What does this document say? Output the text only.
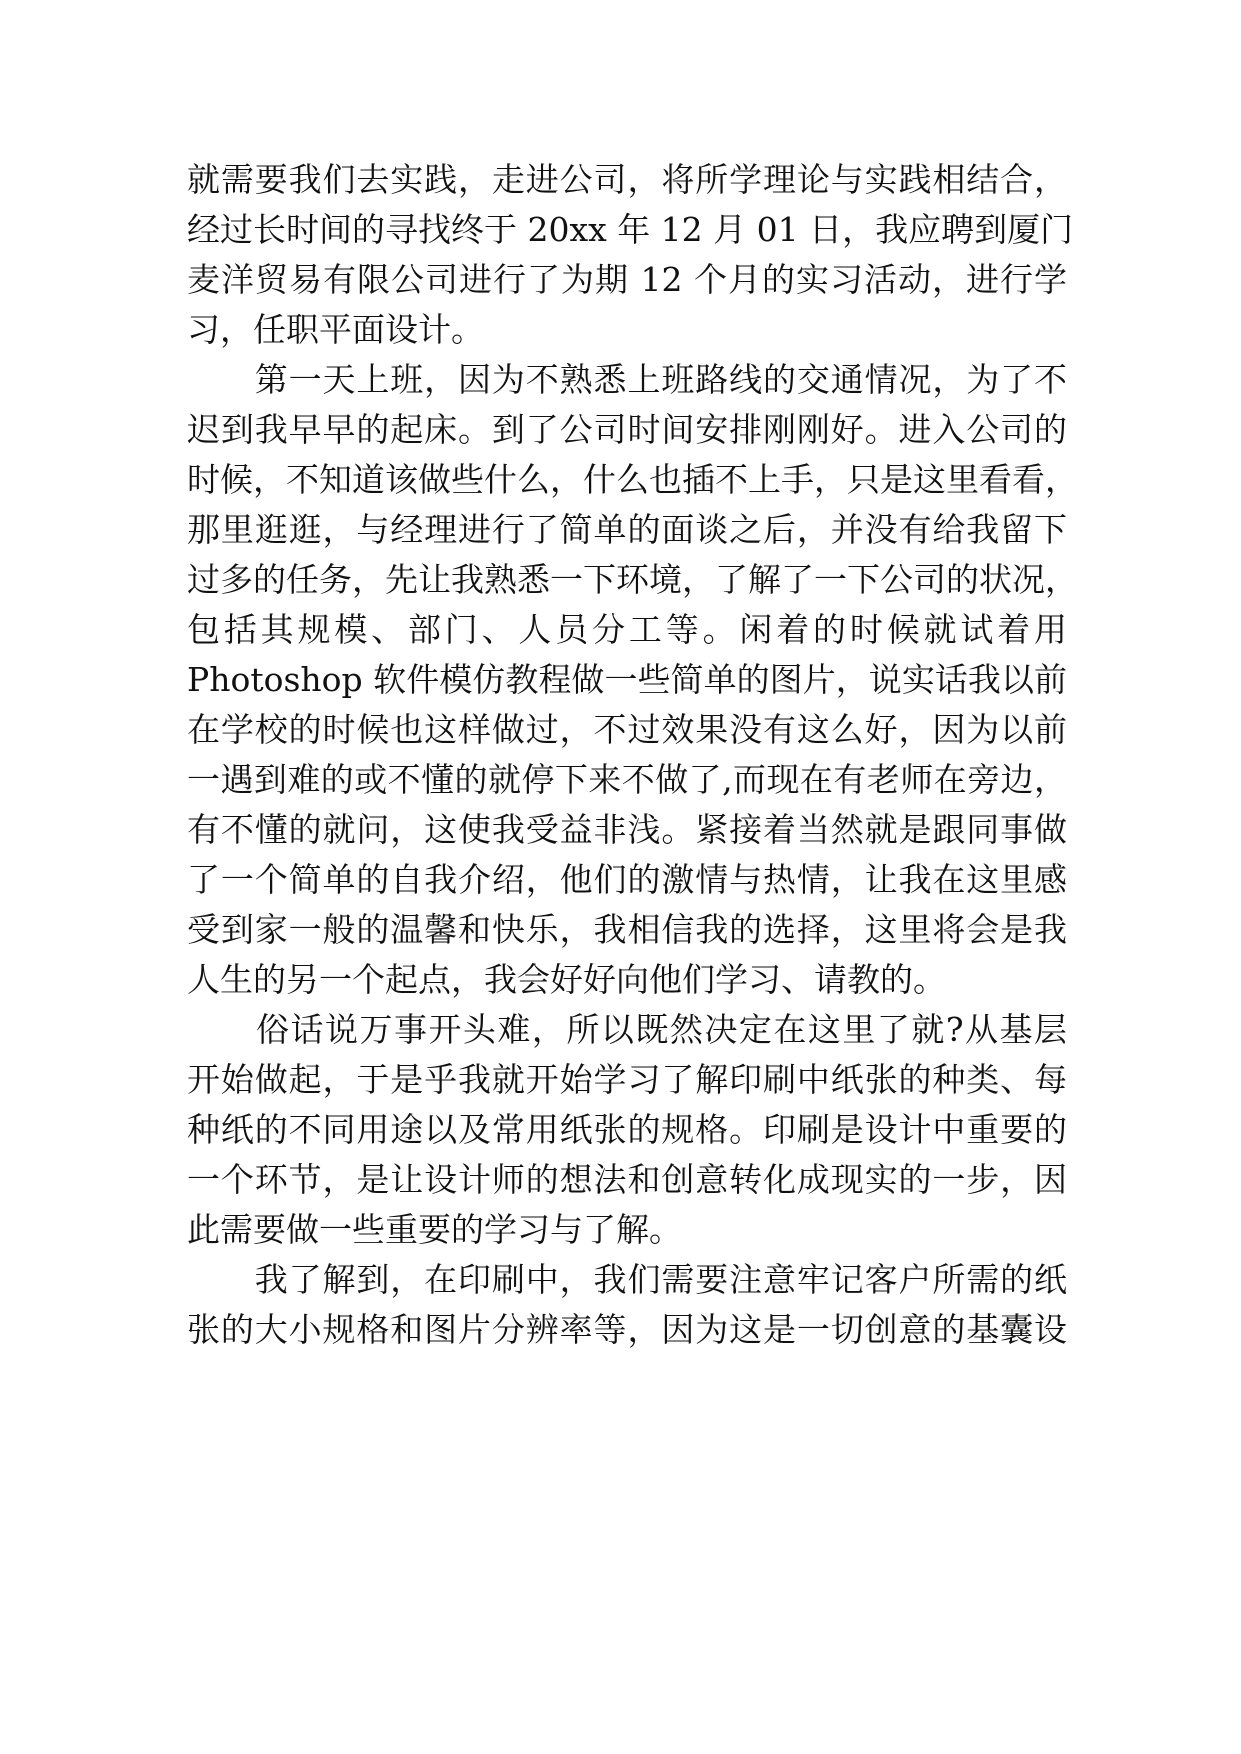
就需要我们去实践，走进公司，将所学理论与实践相结合，
经过长时间的寻找终于 20xx 年 12 月 01 日，我应聘到厦门
麦洋贸易有限公司进行了为期 12 个月的实习活动，进行学
习，任职平面设计。
　　第一天上班，因为不熟悉上班路线的交通情况，为了不
迟到我早早的起床。到了公司时间安排刚刚好。进入公司的
时候，不知道该做些什么，什么也插不上手，只是这里看看，
那里逛逛，与经理进行了简单的面谈之后，并没有给我留下
过多的任务，先让我熟悉一下环境，了解了一下公司的状况，
包括其规模、部门、人员分工等。闲着的时候就试着用
Photoshop 软件模仿教程做一些简单的图片，说实话我以前
在学校的时候也这样做过，不过效果没有这么好，因为以前
一遇到难的或不懂的就停下来不做了,而现在有老师在旁边，
有不懂的就问，这使我受益非浅。紧接着当然就是跟同事做
了一个简单的自我介绍，他们的激情与热情，让我在这里感
受到家一般的温馨和快乐，我相信我的选择，这里将会是我
人生的另一个起点，我会好好向他们学习、请教的。
　　俗话说万事开头难，所以既然决定在这里了就?从基层
开始做起，于是乎我就开始学习了解印刷中纸张的种类、每
种纸的不同用途以及常用纸张的规格。印刷是设计中重要的
一个环节，是让设计师的想法和创意转化成现实的一步，因
此需要做一些重要的学习与了解。
　　我了解到，在印刷中，我们需要注意牢记客户所需的纸
张的大小规格和图片分辨率等，因为这是一切创意的基囊设
